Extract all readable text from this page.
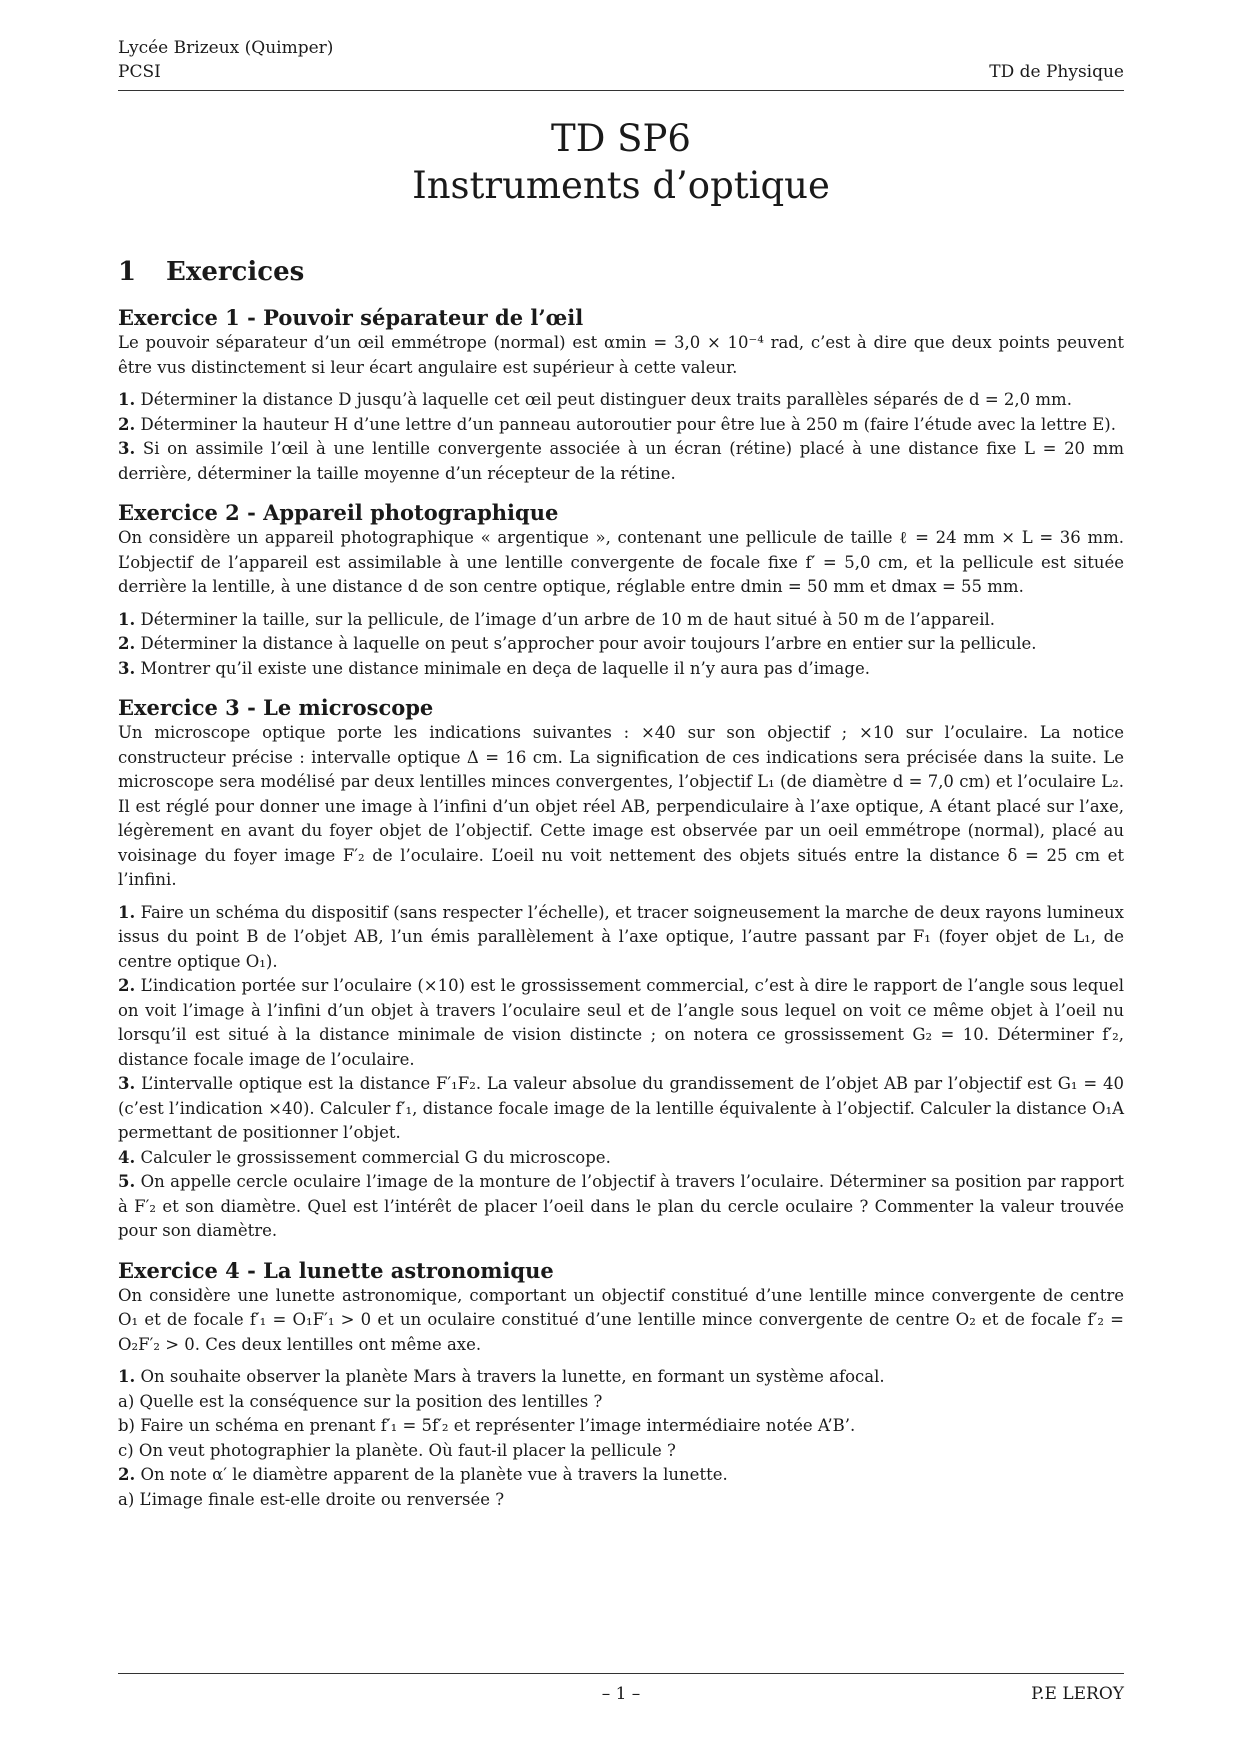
Lycée Brizeux (Quimper)
PCSI	TD de Physique
TD SP6
Instruments d’optique
1 Exercices
Exercice 1 - Pouvoir séparateur de l’œil

Le pouvoir séparateur d’un œil emmétrope (normal) est αmin = 3,0 × 10⁻⁴ rad, c’est à dire que deux points peuvent être vus distinctement si leur écart angulaire est supérieur à cette valeur.

1. Déterminer la distance D jusqu’à laquelle cet œil peut distinguer deux traits parallèles séparés de d = 2,0 mm.

2. Déterminer la hauteur H d’une lettre d’un panneau autoroutier pour être lue à 250 m (faire l’étude avec la lettre E).

3. Si on assimile l’œil à une lentille convergente associée à un écran (rétine) placé à une distance fixe L = 20 mm derrière, déterminer la taille moyenne d’un récepteur de la rétine.

Exercice 2 - Appareil photographique

On considère un appareil photographique « argentique », contenant une pellicule de taille ℓ = 24 mm × L = 36 mm. L’objectif de l’appareil est assimilable à une lentille convergente de focale fixe f′ = 5,0 cm, et la pellicule est située derrière la lentille, à une distance d de son centre optique, réglable entre dmin = 50 mm et dmax = 55 mm.

1. Déterminer la taille, sur la pellicule, de l’image d’un arbre de 10 m de haut situé à 50 m de l’appareil.

2. Déterminer la distance à laquelle on peut s’approcher pour avoir toujours l’arbre en entier sur la pellicule.

3. Montrer qu’il existe une distance minimale en deça de laquelle il n’y aura pas d’image.

Exercice 3 - Le microscope

Un microscope optique porte les indications suivantes : ×40 sur son objectif ; ×10 sur l’oculaire. La notice constructeur précise : intervalle optique Δ = 16 cm. La signification de ces indications sera précisée dans la suite. Le microscope sera modélisé par deux lentilles minces convergentes, l’objectif L₁ (de diamètre d = 7,0 cm) et l’oculaire L₂. Il est réglé pour donner une image à l’infini d’un objet réel AB, perpendiculaire à l’axe optique, A étant placé sur l’axe, légèrement en avant du foyer objet de l’objectif. Cette image est observée par un oeil emmétrope (normal), placé au voisinage du foyer image F′₂ de l’oculaire. L’oeil nu voit nettement des objets situés entre la distance δ = 25 cm et l’infini.

1. Faire un schéma du dispositif (sans respecter l’échelle), et tracer soigneusement la marche de deux rayons lumineux issus du point B de l’objet AB, l’un émis parallèlement à l’axe optique, l’autre passant par F₁ (foyer objet de L₁, de centre optique O₁).

2. L’indication portée sur l’oculaire (×10) est le grossissement commercial, c’est à dire le rapport de l’angle sous lequel on voit l’image à l’infini d’un objet à travers l’oculaire seul et de l’angle sous lequel on voit ce même objet à l’oeil nu lorsqu’il est situé à la distance minimale de vision distincte ; on notera ce grossissement G₂ = 10. Déterminer f′₂, distance focale image de l’oculaire.

3. L’intervalle optique est la distance F′₁F₂. La valeur absolue du grandissement de l’objet AB par l’objectif est G₁ = 40 (c’est l’indication ×40). Calculer f′₁, distance focale image de la lentille équivalente à l’objectif. Calculer la distance O₁A permettant de positionner l’objet.

4. Calculer le grossissement commercial G du microscope.

5. On appelle cercle oculaire l’image de la monture de l’objectif à travers l’oculaire. Déterminer sa position par rapport à F′₂ et son diamètre. Quel est l’intérêt de placer l’oeil dans le plan du cercle oculaire ? Commenter la valeur trouvée pour son diamètre.

Exercice 4 - La lunette astronomique

On considère une lunette astronomique, comportant un objectif constitué d’une lentille mince convergente de centre O₁ et de focale f′₁ = O₁F′₁ > 0 et un oculaire constitué d’une lentille mince convergente de centre O₂ et de focale f′₂ = O₂F′₂ > 0. Ces deux lentilles ont même axe.

1. On souhaite observer la planète Mars à travers la lunette, en formant un système afocal.

a) Quelle est la conséquence sur la position des lentilles ?

b) Faire un schéma en prenant f′₁ = 5f′₂ et représenter l’image intermédiaire notée A’B’.

c) On veut photographier la planète. Où faut-il placer la pellicule ?

2. On note α′ le diamètre apparent de la planète vue à travers la lunette.

a) L’image finale est-elle droite ou renversée ?

– 1 –	P.E LEROY
